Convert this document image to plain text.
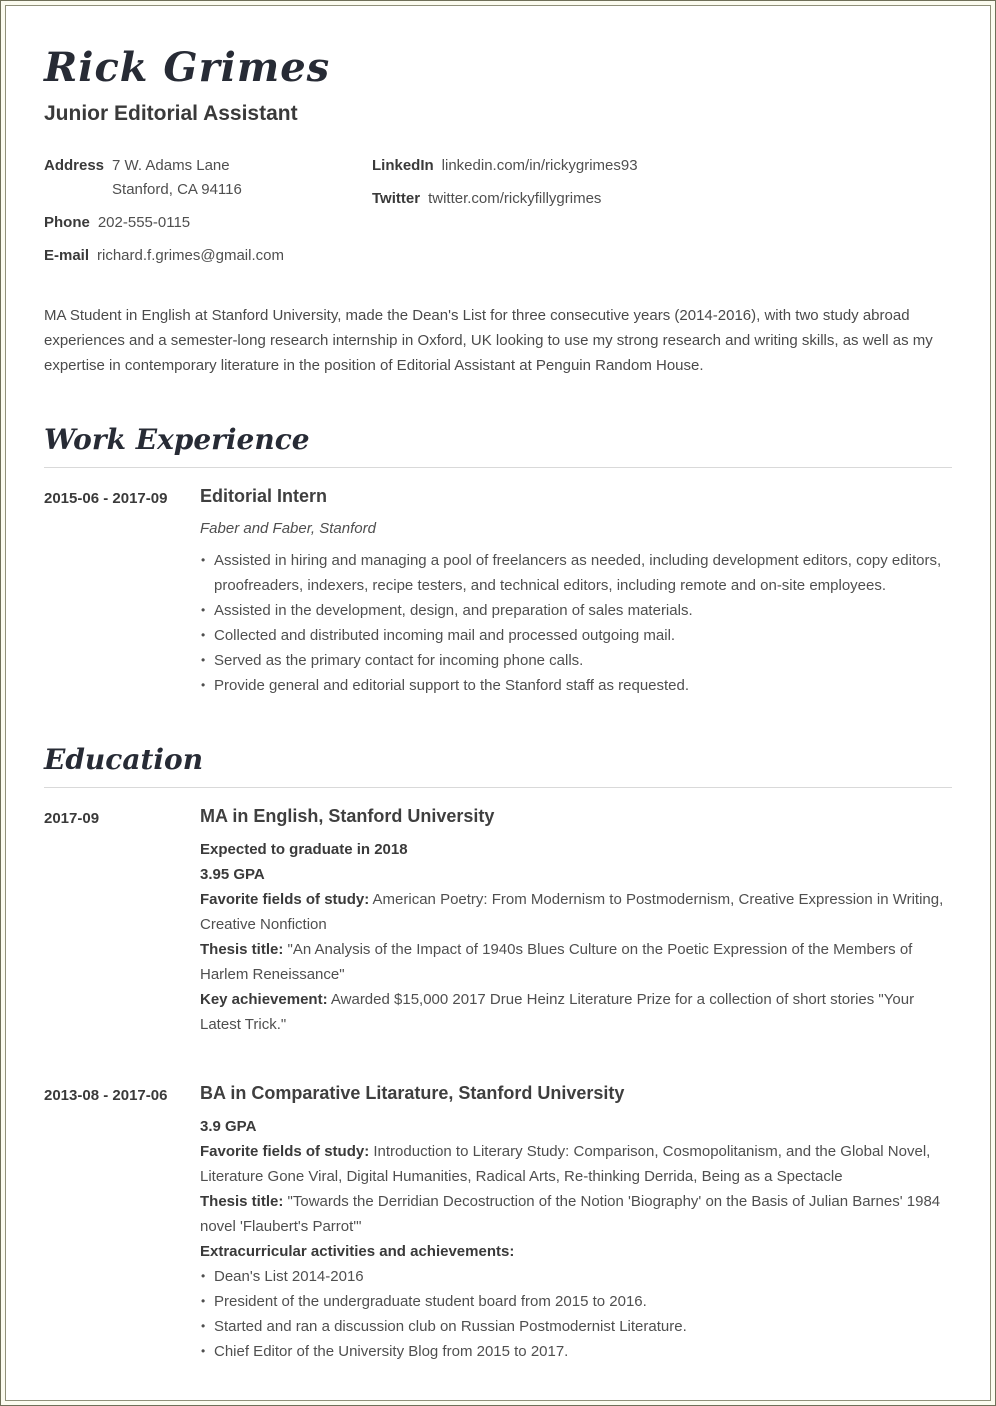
Rick Grimes
Junior Editorial Assistant
Address 7 W. Adams Lane
Stanford, CA 94116
Phone 202-555-0115
E-mail richard.f.grimes@gmail.com
LinkedIn linkedin.com/in/rickygrimes93
Twitter twitter.com/rickyfillygrimes

MA Student in English at Stanford University, made the Dean's List for three consecutive years (2014-2016), with two study abroad experiences and a semester-long research internship in Oxford, UK looking to use my strong research and writing skills, as well as my expertise in contemporary literature in the position of Editorial Assistant at Penguin Random House.

Work Experience
2015-06 - 2017-09	Editorial Intern
Faber and Faber, Stanford
• Assisted in hiring and managing a pool of freelancers as needed, including development editors, copy editors, proofreaders, indexers, recipe testers, and technical editors, including remote and on-site employees.
• Assisted in the development, design, and preparation of sales materials.
• Collected and distributed incoming mail and processed outgoing mail.
• Served as the primary contact for incoming phone calls.
• Provide general and editorial support to the Stanford staff as requested.
Education
2017-09	MA in English, Stanford University
Expected to graduate in 2018
3.95 GPA
Favorite fields of study: American Poetry: From Modernism to Postmodernism, Creative Expression in Writing, Creative Nonfiction
Thesis title: "An Analysis of the Impact of 1940s Blues Culture on the Poetic Expression of the Members of Harlem Reneissance"
Key achievement: Awarded $15,000 2017 Drue Heinz Literature Prize for a collection of short stories "Your Latest Trick."
2013-08 - 2017-06	BA in Comparative Litarature, Stanford University
3.9 GPA
Favorite fields of study: Introduction to Literary Study: Comparison, Cosmopolitanism, and the Global Novel, Literature Gone Viral, Digital Humanities, Radical Arts, Re-thinking Derrida, Being as a Spectacle
Thesis title: "Towards the Derridian Decostruction of the Notion 'Biography' on the Basis of Julian Barnes' 1984 novel 'Flaubert's Parrot'"
Extracurricular activities and achievements:
• Dean's List 2014-2016
• President of the undergraduate student board from 2015 to 2016.
• Started and ran a discussion club on Russian Postmodernist Literature.
• Chief Editor of the University Blog from 2015 to 2017.
